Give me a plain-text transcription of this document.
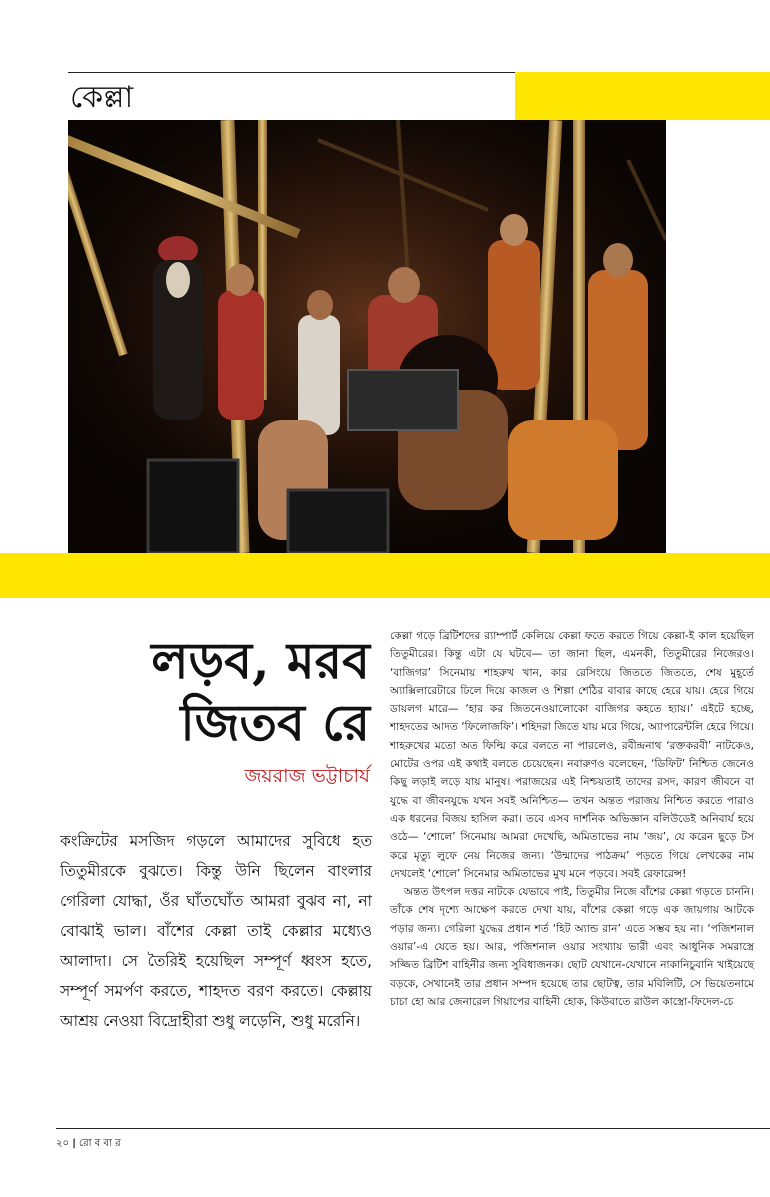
কেল্লা
লড়ব, মরব
জিতব রে
জয়রাজ ভট্টাচার্য
কংক্রিটের মসজিদ গড়লে আমাদের সুবিধে হত তিতুমীরকে বুঝতে। কিন্তু উনি ছিলেন বাংলার গেরিলা যোদ্ধা, ওঁর ঘাঁতঘোঁত আমরা বুঝব না, না বোঝাই ভাল। বাঁশের কেল্লা তাই কেল্লার মধ্যেও আলাদা। সে তৈরিই হয়েছিল সম্পূর্ণ ধ্বংস হতে, সম্পূর্ণ সমর্পণ করতে, শাহদত বরণ করতে। কেল্লায় আশ্রয় নেওয়া বিদ্রোহীরা শুধু লড়েনি, শুধু মরেনি।

কেল্লা গড়ে ব্রিটিশদের র‍্যাম্পার্ট কেলিয়ে কেল্লা ফতে করতে গিয়ে কেল্লা-ই কাল হয়েছিল তিতুমীরের। কিন্তু এটা যে ঘটবে— তা জানা ছিল, এমনকী, তিতুমীরের নিজেরও। ‘বাজিগর’ সিনেমায় শাহরুখ খান, কার রেসিংয়ে জিততে জিততে, শেষ মুহূর্তে অ্যাক্সিলারেটারে ঢিলে দিয়ে কাজল ও শিল্পা শেঠির বাবার কাছে হেরে যায়। হেরে গিয়ে ডায়লগ মারে— ‘হার কর জিতনেওয়ালোকো বাজিগর কহতে হ্যায়।’ এইটে হচ্ছে, শাহদতের আদত ‘ফিলোজফি’। শহিদরা জিতে যায় মরে গিয়ে, অ্যাপারেন্টলি হেরে গিয়ে। শাহরুখের মতো অত ফিল্মি করে বলতে না পারলেও, রবীন্দ্রনাথ ‘রক্তকরবী’ নাটকেও, মোটের ওপর এই কথাই বলতে চেয়েছেন। নবারুণও বলেছেন, ‘ডিফিট’ নিশ্চিত জেনেও কিছু লড়াই লড়ে যায় মানুষ। পরাজয়ের এই নিশ্চয়তাই তাদের রসদ, কারণ জীবনে বা যুদ্ধে বা জীবনযুদ্ধে যখন সবই অনিশ্চিত— তখন অন্তত পরাজয় নিশ্চিত করতে পারাও এক ধরনের বিজয় হাসিল করা। তবে এসব দার্শনিক অভিজ্ঞান বলিউডেই অনিবার্য হয়ে ওঠে— ‘শোলে’ সিনেমায় আমরা দেখেছি, অমিতাভের নাম ‘জয়’, যে করেন ছুড়ে টস করে মৃত্যু লুফে নেয় নিজের জন্য। ‘উন্মাদের পাঠক্রম’ পড়তে গিয়ে লেখকের নাম দেখলেই ‘শোলে’ সিনেমার অমিতাভের মুখ মনে পড়বে। সবই রেফারেন্স!

অন্তত উৎপল দত্তর নাটকে যেভাবে পাই, তিতুমীর নিজে বাঁশের কেল্লা গড়তে চাননি। তাঁকে শেষ দৃশ্যে আক্ষেপ করতে দেখা যায়, বাঁশের কেল্লা গড়ে এক জায়গায় আটকে পড়ার জন্য। গেরিলা যুদ্ধের প্রধান শর্ত ‘হিট অ্যান্ড রান’ এতে সম্ভব হয় না। ‘পজিশনাল ওয়ার’-এ যেতে হয়। আর, পজিশনাল ওয়ার সংখ্যায় ভারী এবং আধুনিক সমরাস্ত্রে সজ্জিত ব্রিটিশ বাহিনীর জন্য সুবিধাজনক। ছোট যেখানে-যেখানে নাকানিচুবানি খাইয়েছে বড়কে, সেখানেই তার প্রধান সম্পদ হয়েছে তার ছোটত্ব, তার মবিলিটি, সে ভিয়েতনামে চাচা হো আর জেনারেল গিয়াপের বাহিনী হোক, কিউবাতে রাউল কাস্ত্রো-ফিদেল-চে

২০ | রো ব বা র
